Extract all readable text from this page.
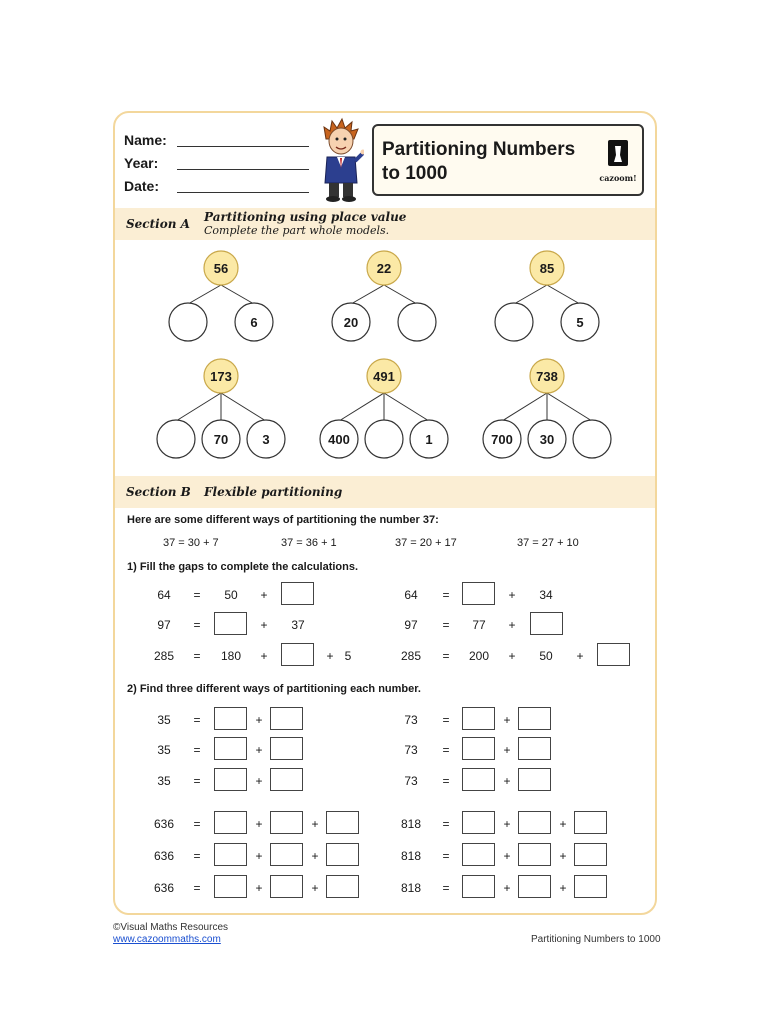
Name:
Year:
Date:
Partitioning Numbers
to 1000	cazoom!
Section A Partitioning using place value
Complete the part whole models.
56
6
22
20
85
5
173
70	3
491
400	1
738
700 30
Section B Flexible partitioning
Here are some different ways of partitioning the number 37:
37 = 30 + 7	37 = 36 + 1	37 = 20 + 17	37 = 27 + 10
1) Fill the gaps to complete the calculations.
64	=	50	+
97	=	+	37
285	=	180	+	+ 5
64	=	+	34
97	=	77	+
285	=	200	+	50	+
2) Find three different ways of partitioning each number.
35	=	+	73	=	+
35	=	+	73	=	+
35	=	+	73	=	+
636	=	+	+	818	=	+	+
636	=	+	+	818	=	+	+
636	=	+	+	818	=	+	+
©Visual Maths Resources
www.cazoommaths.com	Partitioning Numbers to 1000
